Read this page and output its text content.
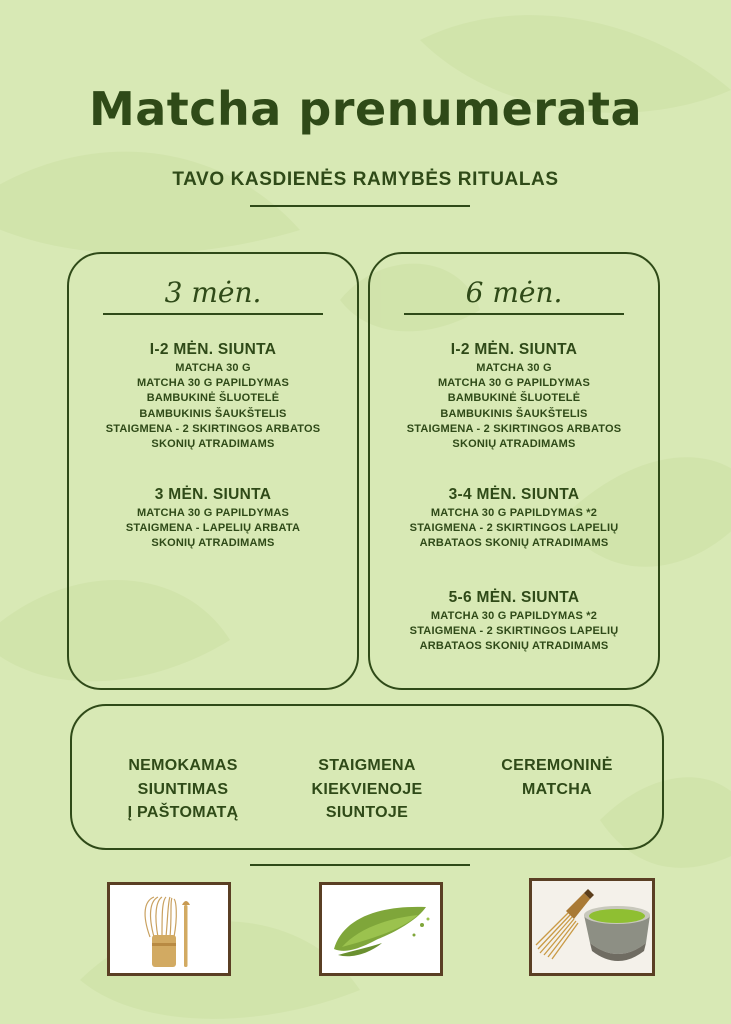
Matcha prenumerata
TAVO KASDIENĖS RAMYBĖS RITUALAS
3 mėn.
I-2 MĖN. SIUNTA
MATCHA 30 G
MATCHA 30 G PAPILDYMAS
BAMBUKINĖ ŠLUOTELĖ
BAMBUKINIS ŠAUKŠTELIS
STAIGMENA - 2 SKIRTINGOS ARBATOS
SKONIŲ ATRADIMAMS
3 MĖN. SIUNTA
MATCHA 30 G PAPILDYMAS
STAIGMENA - LAPELIŲ ARBATA
SKONIŲ ATRADIMAMS
6 mėn.
I-2 MĖN. SIUNTA
MATCHA 30 G
MATCHA 30 G PAPILDYMAS
BAMBUKINĖ ŠLUOTELĖ
BAMBUKINIS ŠAUKŠTELIS
STAIGMENA - 2 SKIRTINGOS ARBATOS
SKONIŲ ATRADIMAMS
3-4 MĖN. SIUNTA
MATCHA 30 G PAPILDYMAS *2
STAIGMENA - 2 SKIRTINGOS LAPELIŲ
ARBATAOS SKONIŲ ATRADIMAMS
5-6 MĖN. SIUNTA
MATCHA 30 G PAPILDYMAS *2
STAIGMENA - 2 SKIRTINGOS LAPELIŲ
ARBATAOS SKONIŲ ATRADIMAMS
NEMOKAMAS
SIUNTIMAS
Į PAŠTOMATĄ
STAIGMENA
KIEKVIENOJE
SIUNTOJE
CEREMONINĖ
MATCHA
